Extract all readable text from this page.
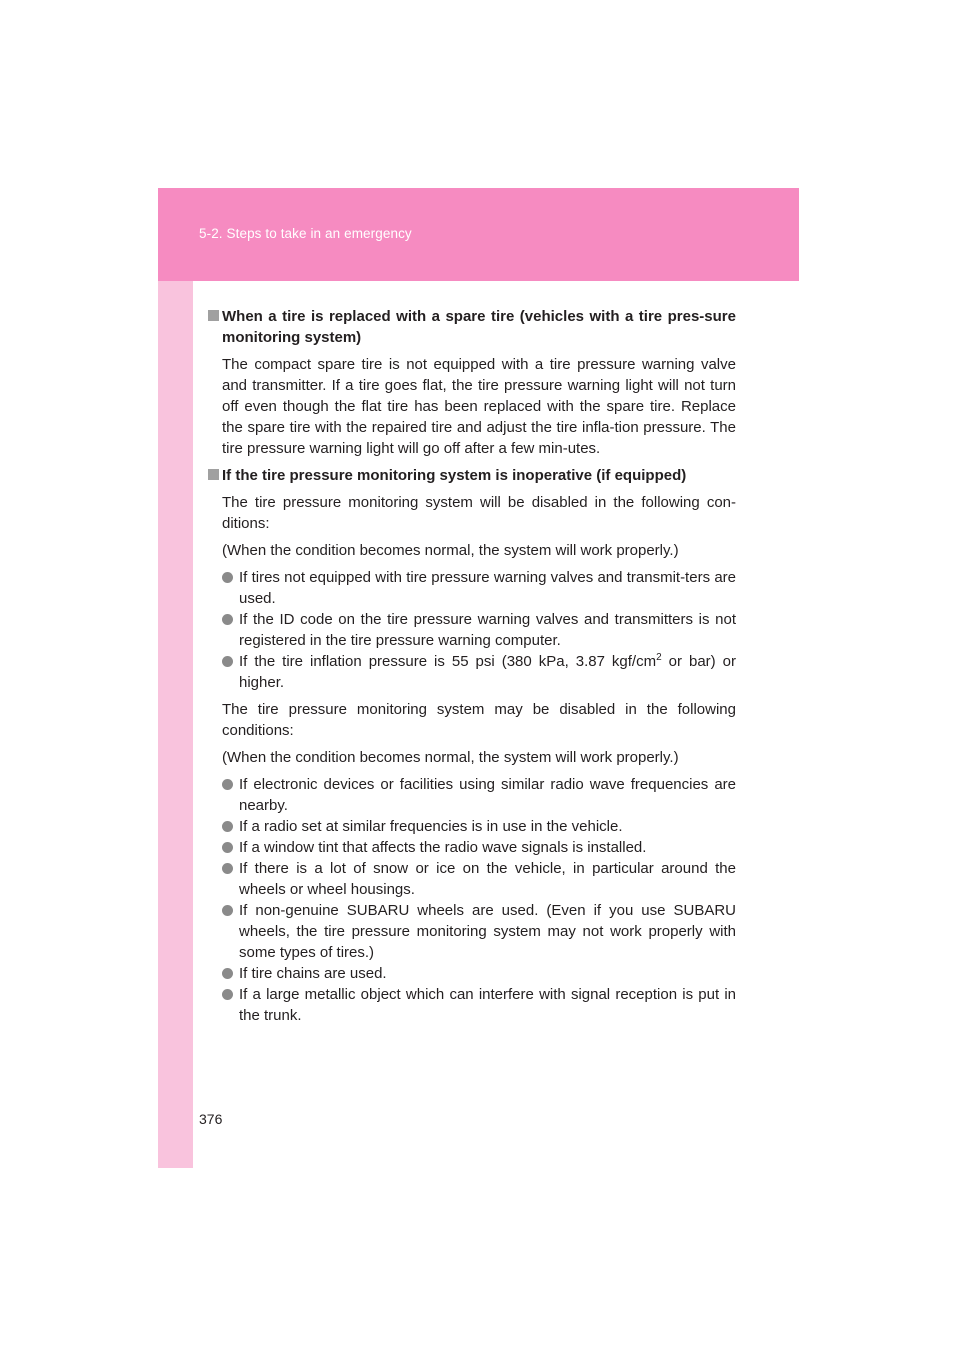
5-2. Steps to take in an emergency
When a tire is replaced with a spare tire (vehicles with a tire pres-sure monitoring system)
The compact spare tire is not equipped with a tire pressure warning valve and transmitter. If a tire goes flat, the tire pressure warning light will not turn off even though the flat tire has been replaced with the spare tire. Replace the spare tire with the repaired tire and adjust the tire infla-tion pressure. The tire pressure warning light will go off after a few min-utes.
If the tire pressure monitoring system is inoperative (if equipped)
The tire pressure monitoring system will be disabled in the following con-ditions:
(When the condition becomes normal, the system will work properly.)
If tires not equipped with tire pressure warning valves and transmit-ters are used.
If the ID code on the tire pressure warning valves and transmitters is not registered in the tire pressure warning computer.
If the tire inflation pressure is 55 psi (380 kPa, 3.87 kgf/$cm^2$ or bar) or higher.
The tire pressure monitoring system may be disabled in the following conditions:
(When the condition becomes normal, the system will work properly.)
If electronic devices or facilities using similar radio wave frequencies are nearby.
If a radio set at similar frequencies is in use in the vehicle.
If a window tint that affects the radio wave signals is installed.
If there is a lot of snow or ice on the vehicle, in particular around the wheels or wheel housings.
If non-genuine SUBARU wheels are used. (Even if you use SUBARU wheels, the tire pressure monitoring system may not work properly with some types of tires.)
If tire chains are used.
If a large metallic object which can interfere with signal reception is put in the trunk.
376
